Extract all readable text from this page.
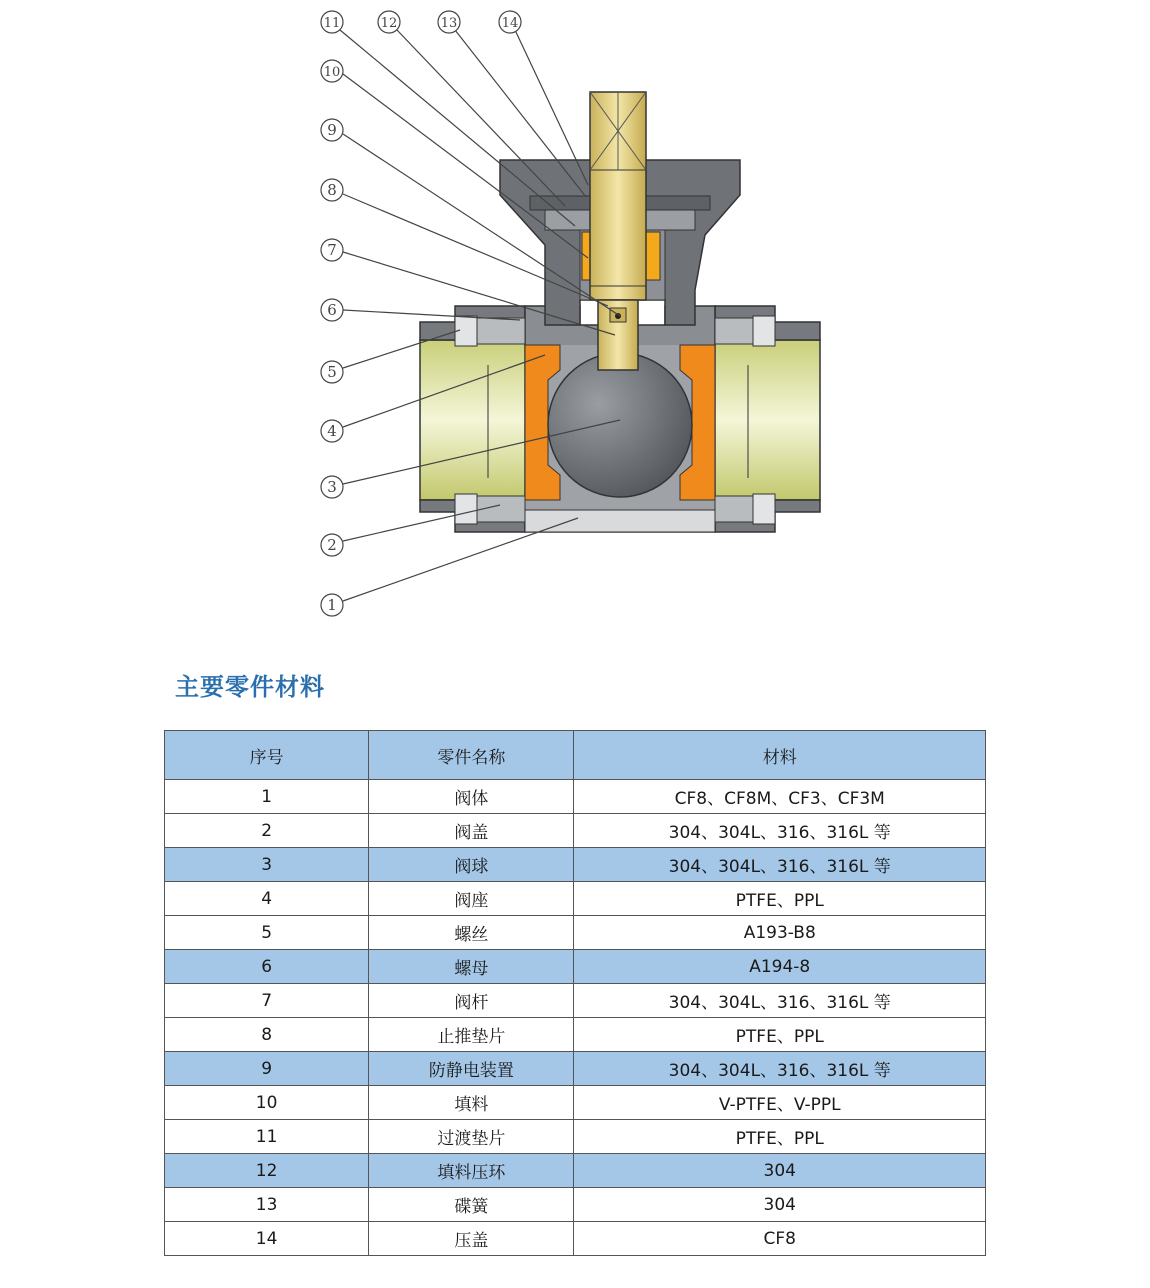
1
2
3
4
5
6
7
8
9
10
11	12	13	14
主要零件材料
序号	零件名称	材料
1	阀体	CF8、CF8M、CF3、CF3M
2	阀盖	304、304L、316、316L 等
3	阀球	304、304L、316、316L 等
4	阀座	PTFE、PPL
5	螺丝	A193-B8
6	螺母	A194-8
7	阀杆	304、304L、316、316L 等
8	止推垫片	PTFE、PPL
9	防静电装置	304、304L、316、316L 等
10	填料	V-PTFE、V-PPL
11	过渡垫片	PTFE、PPL
12	填料压环	304
13	碟簧	304
14	压盖	CF8
